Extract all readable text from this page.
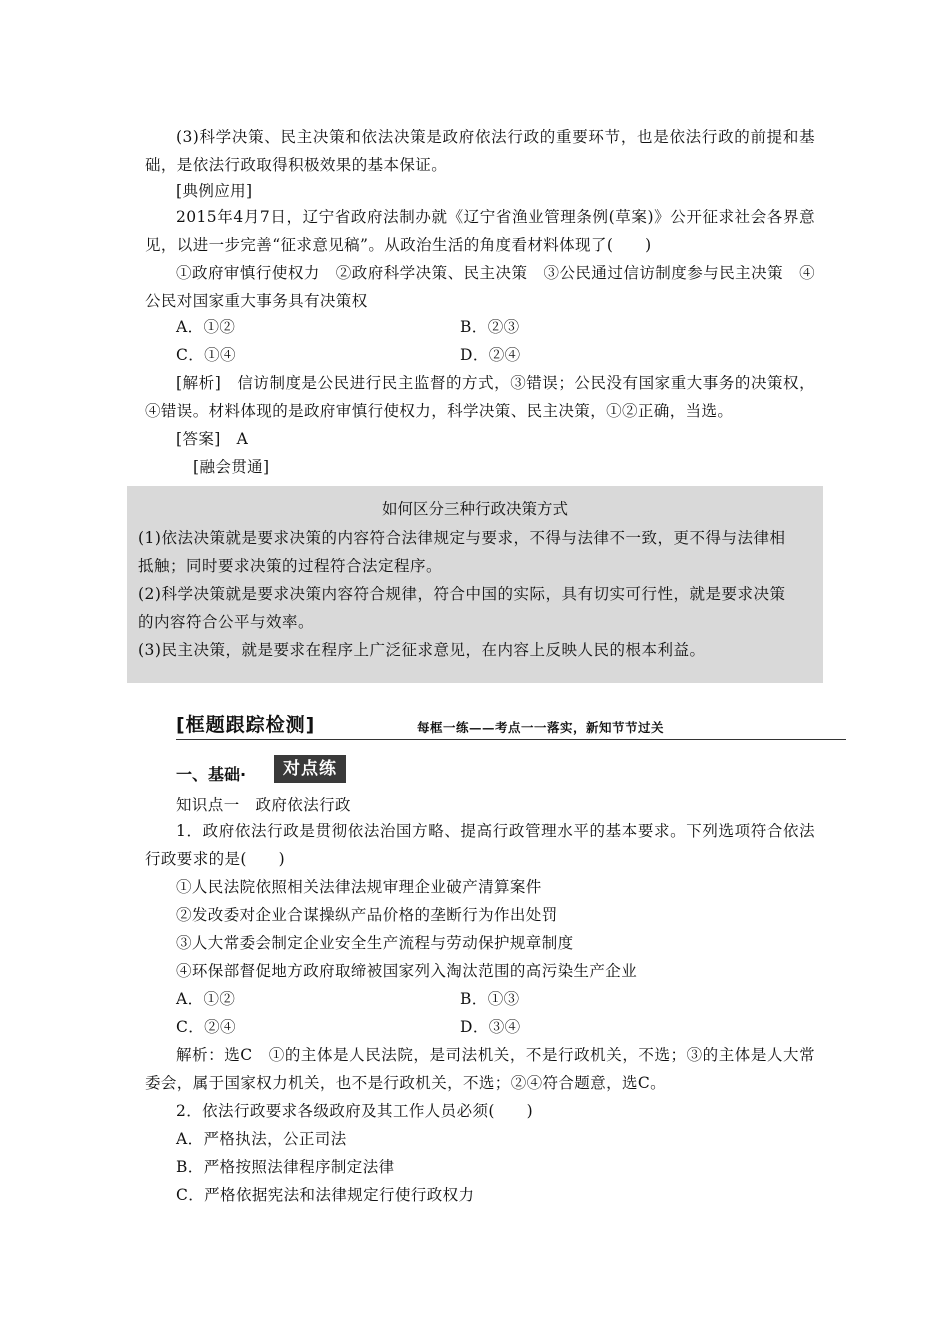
(3)科学决策、民主决策和依法决策是政府依法行政的重要环节，也是依法行政的前提和基础，是依法行政取得积极效果的基本保证。
[典例应用]
2015年4月7日，辽宁省政府法制办就《辽宁省渔业管理条例(草案)》公开征求社会各界意见，以进一步完善“征求意见稿”。从政治生活的角度看材料体现了(　　)
①政府审慎行使权力　②政府科学决策、民主决策　③公民通过信访制度参与民主决策　④公民对国家重大事务具有决策权
A．①②	B．②③
C．①④	D．②④
[解析]　信访制度是公民进行民主监督的方式，③错误；公民没有国家重大事务的决策权，④错误。材料体现的是政府审慎行使权力，科学决策、民主决策，①②正确，当选。
[答案]　A
[融会贯通]
如何区分三种行政决策方式
(1)依法决策就是要求决策的内容符合法律规定与要求，不得与法律不一致，更不得与法律相
抵触；同时要求决策的过程符合法定程序。
(2)科学决策就是要求决策内容符合规律，符合中国的实际，具有切实可行性，就是要求决策
的内容符合公平与效率。
(3)民主决策，就是要求在程序上广泛征求意见，在内容上反映人民的根本利益。
[框题跟踪检测]	每框一练——考点一一落实，新知节节过关
一、基础·	对点练
知识点一　政府依法行政
1．政府依法行政是贯彻依法治国方略、提高行政管理水平的基本要求。下列选项符合依法行政要求的是(　　)
①人民法院依照相关法律法规审理企业破产清算案件
②发改委对企业合谋操纵产品价格的垄断行为作出处罚
③人大常委会制定企业安全生产流程与劳动保护规章制度
④环保部督促地方政府取缔被国家列入淘汰范围的高污染生产企业
A．①②	B．①③
C．②④	D．③④
解析：选C　①的主体是人民法院，是司法机关，不是行政机关，不选；③的主体是人大常委会，属于国家权力机关，也不是行政机关，不选；②④符合题意，选C。
2．依法行政要求各级政府及其工作人员必须(　　)
A．严格执法，公正司法
B．严格按照法律程序制定法律
C．严格依据宪法和法律规定行使行政权力
